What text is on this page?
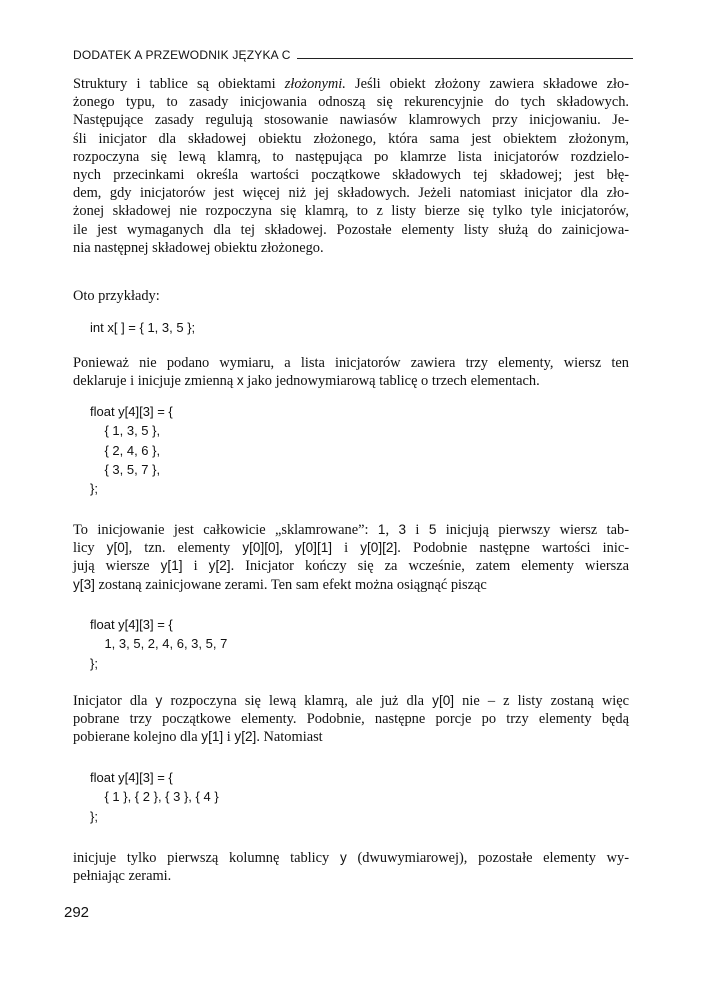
DODATEK A PRZEWODNIK JĘZYKA C
Struktury i tablice są obiektami złożonymi. Jeśli obiekt złożony zawiera składowe zło-
żonego typu, to zasady inicjowania odnoszą się rekurencyjnie do tych składowych.
Następujące zasady regulują stosowanie nawiasów klamrowych przy inicjowaniu. Je-
śli inicjator dla składowej obiektu złożonego, która sama jest obiektem złożonym,
rozpoczyna się lewą klamrą, to następująca po klamrze lista inicjatorów rozdzielo-
nych przecinkami określa wartości początkowe składowych tej składowej; jest błę-
dem, gdy inicjatorów jest więcej niż jej składowych. Jeżeli natomiast inicjator dla zło-
żonej składowej nie rozpoczyna się klamrą, to z listy bierze się tylko tyle inicjatorów,
ile jest wymaganych dla tej składowej. Pozostałe elementy listy służą do zainicjowa-
nia następnej składowej obiektu złożonego.
Oto przykłady:
int x[ ] = { 1, 3, 5 };
Ponieważ nie podano wymiaru, a lista inicjatorów zawiera trzy elementy, wiersz ten
deklaruje i inicjuje zmienną x jako jednowymiarową tablicę o trzech elementach.
float y[4][3] = {
{ 1, 3, 5 },
{ 2, 4, 6 },
{ 3, 5, 7 },
};
To inicjowanie jest całkowicie „sklamrowane”: 1, 3 i 5 inicjują pierwszy wiersz tab-
licy y[0], tzn. elementy y[0][0], y[0][1] i y[0][2]. Podobnie następne wartości inic-
jują wiersze y[1] i y[2]. Inicjator kończy się za wcześnie, zatem elementy wiersza
y[3] zostaną zainicjowane zerami. Ten sam efekt można osiągnąć pisząc
float y[4][3] = {
1, 3, 5, 2, 4, 6, 3, 5, 7
};
Inicjator dla y rozpoczyna się lewą klamrą, ale już dla y[0] nie – z listy zostaną więc
pobrane trzy początkowe elementy. Podobnie, następne porcje po trzy elementy będą
pobierane kolejno dla y[1] i y[2]. Natomiast
float y[4][3] = {
{ 1 }, { 2 }, { 3 }, { 4 }
};
inicjuje tylko pierwszą kolumnę tablicy y (dwuwymiarowej), pozostałe elementy wy-
pełniając zerami.
292
